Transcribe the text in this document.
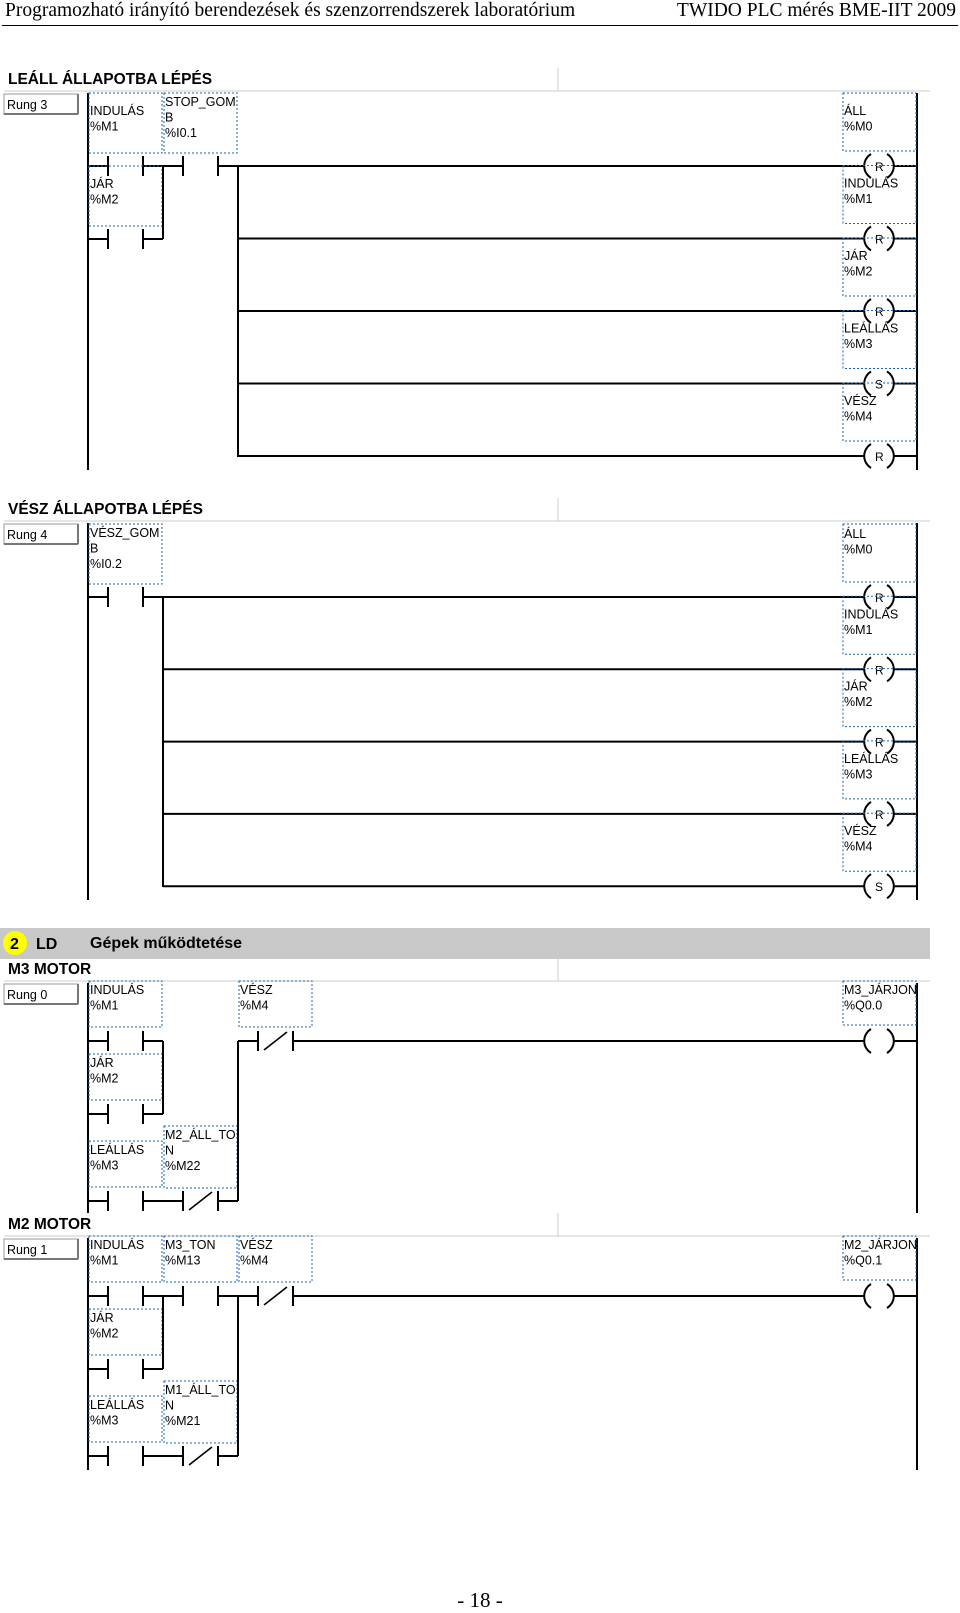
Programozható irányító berendezések és szenzorrendszerek laboratórium	TWIDO PLC mérés BME-IIT 2009
LEÁLL ÁLLAPOTBA LÉPÉS
Rung 3	INDULÁS
%M1
STOP_GOM
B
%I0.1
JÁR
%M2
ÁLL
%M0
R
INDULÁS
%M1
R
JÁR
%M2
R
LEÁLLÁS
%M3
S
VÉSZ
%M4
R
VÉSZ ÁLLAPOTBA LÉPÉS
Rung 4	VÉSZ_GOM
B
%I0.2
ÁLL
%M0
R
INDULÁS
%M1
R
JÁR
%M2
R
LEÁLLÁS
%M3
R
VÉSZ
%M4
S
2 LD Gépek működtetése
M3 MOTOR
Rung 0	INDULÁS
%M1
VÉSZ
%M4
JÁR
%M2
LEÁLLÁS
%M3
M2_ÁLL_TO
N
%M22
M3_JÁRJON
%Q0.0
M2 MOTOR
Rung 1	INDULÁS
%M1
M3_TON
%M13
VÉSZ
%M4
JÁR
%M2
LEÁLLÁS
%M3
M1_ÁLL_TO
N
%M21
M2_JÁRJON
%Q0.1
- 18 -
